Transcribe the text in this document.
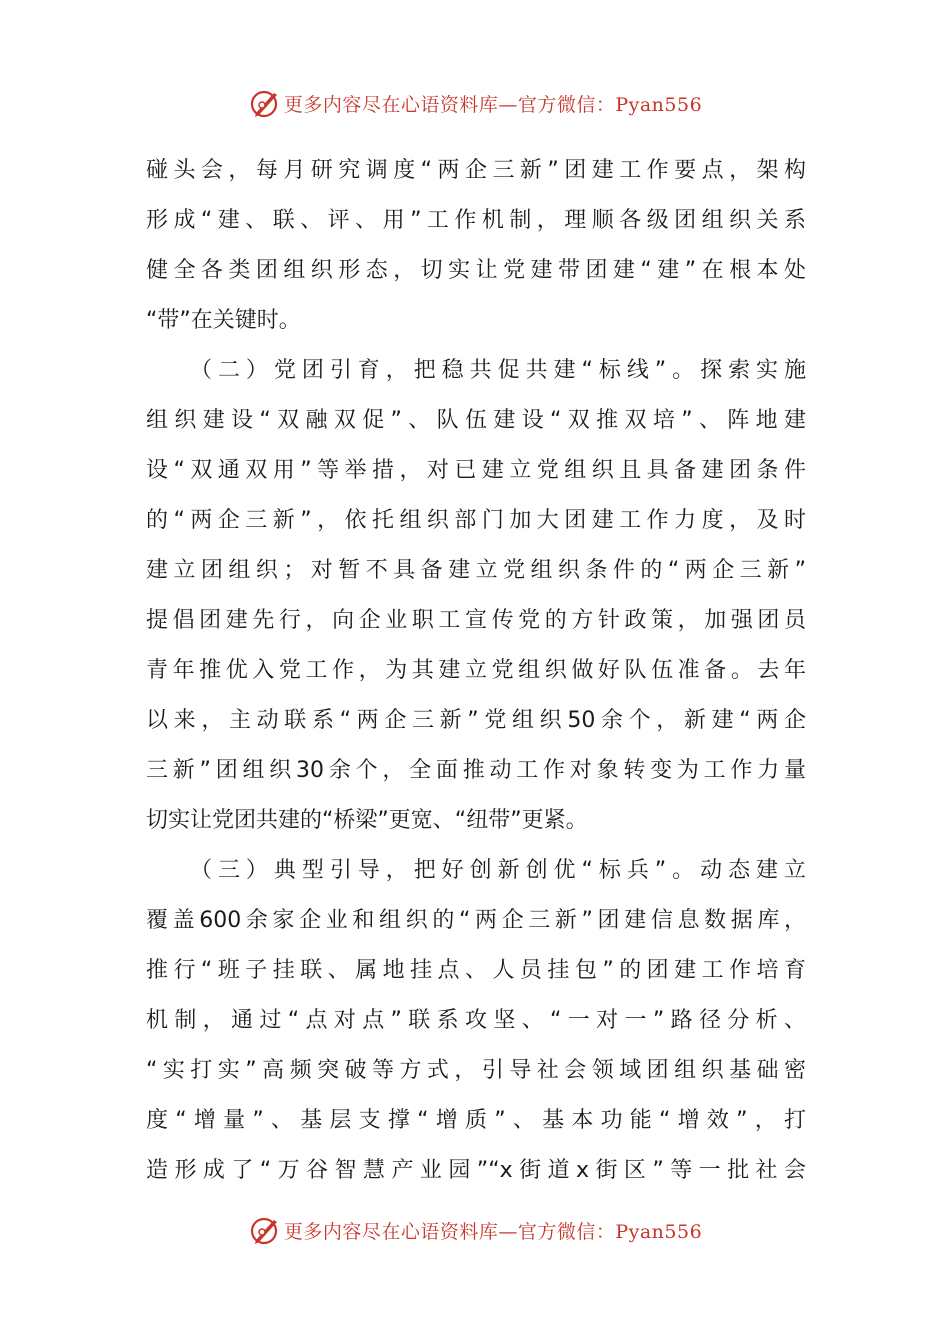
更多内容尽在心语资料库—官方微信：Pyan556
碰头会，每月研究调度“两企三新”团建工作要点，架构
形成“建、联、评、用”工作机制，理顺各级团组织关系
健全各类团组织形态，切实让党建带团建“建”在根本处
“带”在关键时。
（二）党团引育，把稳共促共建“标线”。探索实施
组织建设“双融双促”、队伍建设“双推双培”、阵地建
设“双通双用”等举措，对已建立党组织且具备建团条件
的“两企三新”，依托组织部门加大团建工作力度，及时
建立团组织；对暂不具备建立党组织条件的“两企三新”
提倡团建先行，向企业职工宣传党的方针政策，加强团员
青年推优入党工作，为其建立党组织做好队伍准备。去年
以来，主动联系“两企三新”党组织50余个，新建“两企
三新”团组织30余个，全面推动工作对象转变为工作力量
切实让党团共建的“桥梁”更宽、“纽带”更紧。
（三）典型引导，把好创新创优“标兵”。动态建立
覆盖600余家企业和组织的“两企三新”团建信息数据库，
推行“班子挂联、属地挂点、人员挂包”的团建工作培育
机制，通过“点对点”联系攻坚、“一对一”路径分析、
“实打实”高频突破等方式，引导社会领域团组织基础密
度“增量”、基层支撑“增质”、基本功能“增效”，打
造形成了“万谷智慧产业园”“x街道x街区”等一批社会
更多内容尽在心语资料库—官方微信：Pyan556
